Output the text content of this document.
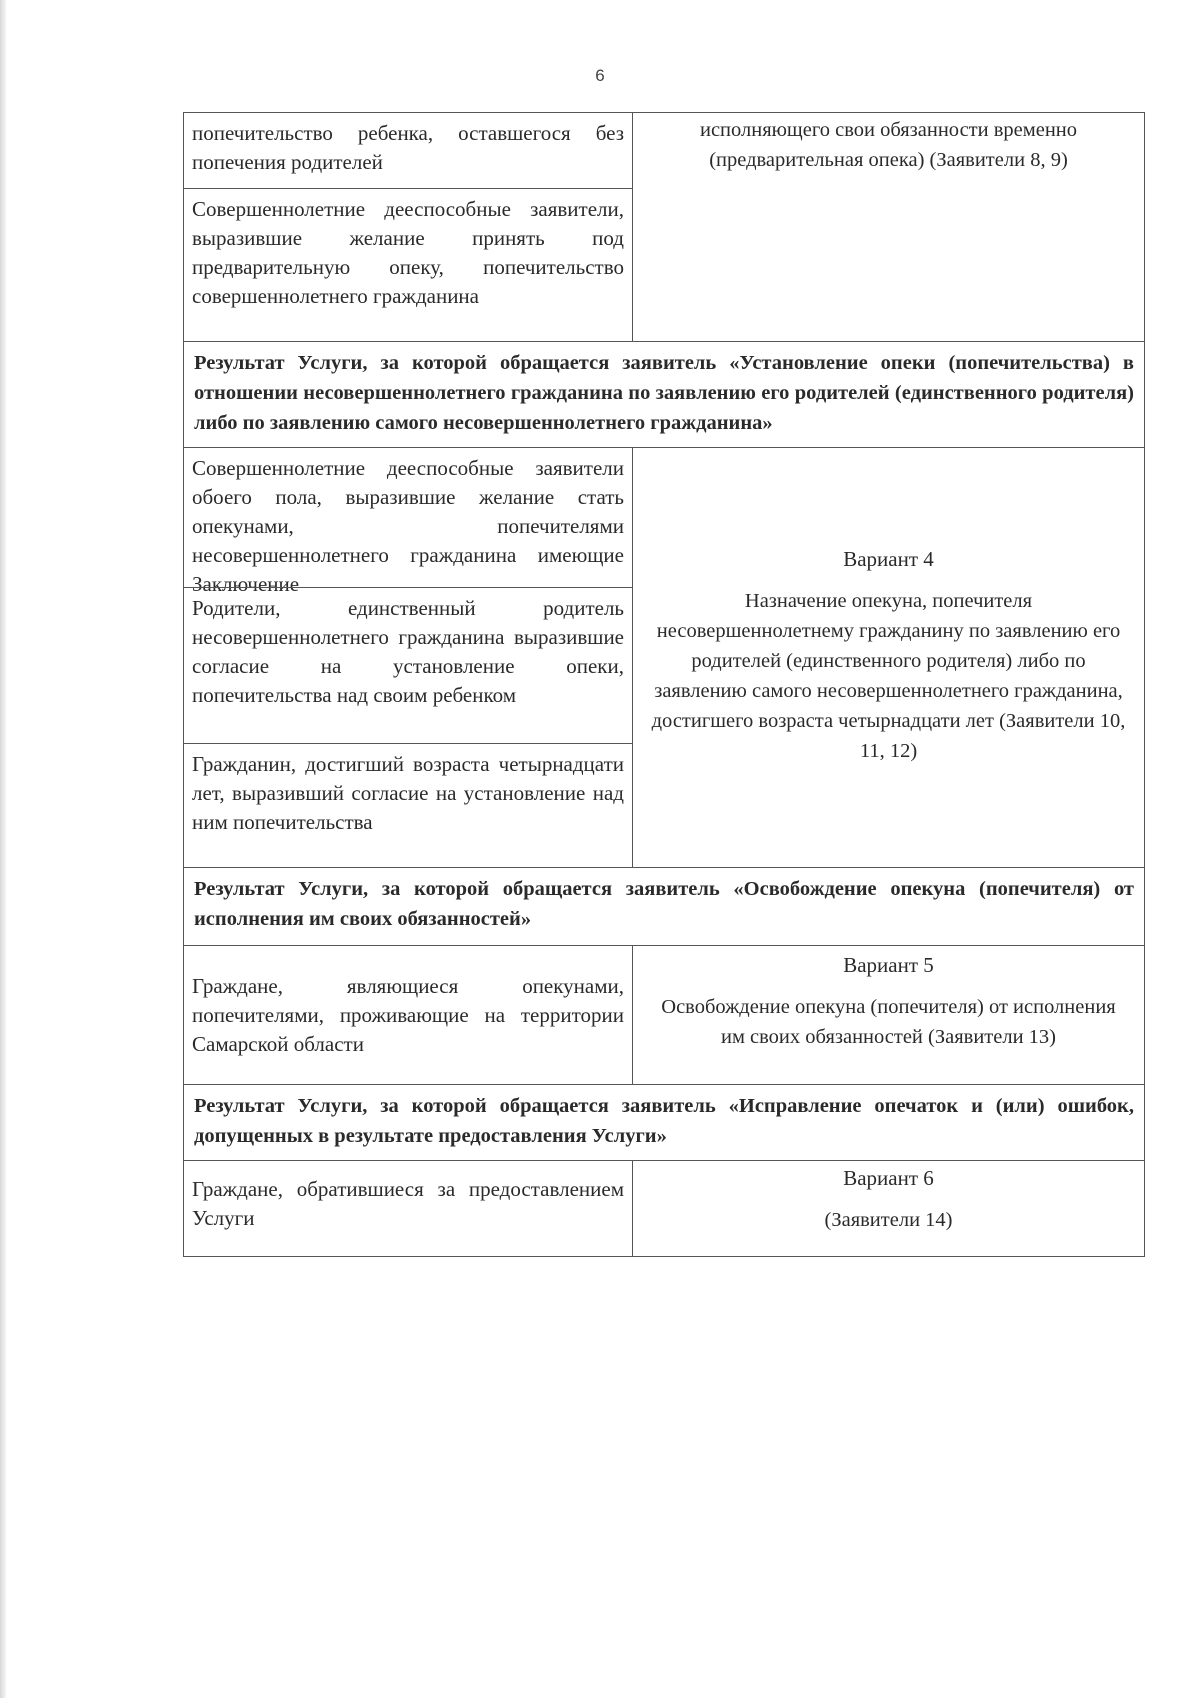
6
попечительство ребенка, оставшегося без попечения родителей
Совершеннолетние дееспособные заявители, выразившие желание принять под предварительную опеку, попечительство совершеннолетнего гражданина
исполняющего свои обязанности временно (предварительная опека) (Заявители 8, 9)
Результат Услуги, за которой обращается заявитель «Установление опеки (попечительства) в отношении несовершеннолетнего гражданина по заявлению его родителей (единственного родителя) либо по заявлению самого несовершеннолетнего гражданина»
Совершеннолетние дееспособные заявители обоего пола, выразившие желание стать опекунами, попечителями несовершеннолетнего гражданина имеющие Заключение
Родители, единственный родитель несовершеннолетнего гражданина выразившие согласие на установление опеки, попечительства над своим ребенком
Гражданин, достигший возраста четырнадцати лет, выразивший согласие на установление над ним попечительства
Вариант 4
Назначение опекуна, попечителя несовершеннолетнему гражданину по заявлению его родителей (единственного родителя) либо по заявлению самого несовершеннолетнего гражданина, достигшего возраста четырнадцати лет (Заявители 10, 11, 12)
Результат Услуги, за которой обращается заявитель «Освобождение опекуна (попечителя) от исполнения им своих обязанностей»
Граждане, являющиеся опекунами, попечителями, проживающие на территории Самарской области
Вариант 5
Освобождение опекуна (попечителя) от исполнения им своих обязанностей (Заявители 13)
Результат Услуги, за которой обращается заявитель «Исправление опечаток и (или) ошибок, допущенных в результате предоставления Услуги»
Граждане, обратившиеся за предоставлением Услуги
Вариант 6
(Заявители 14)
